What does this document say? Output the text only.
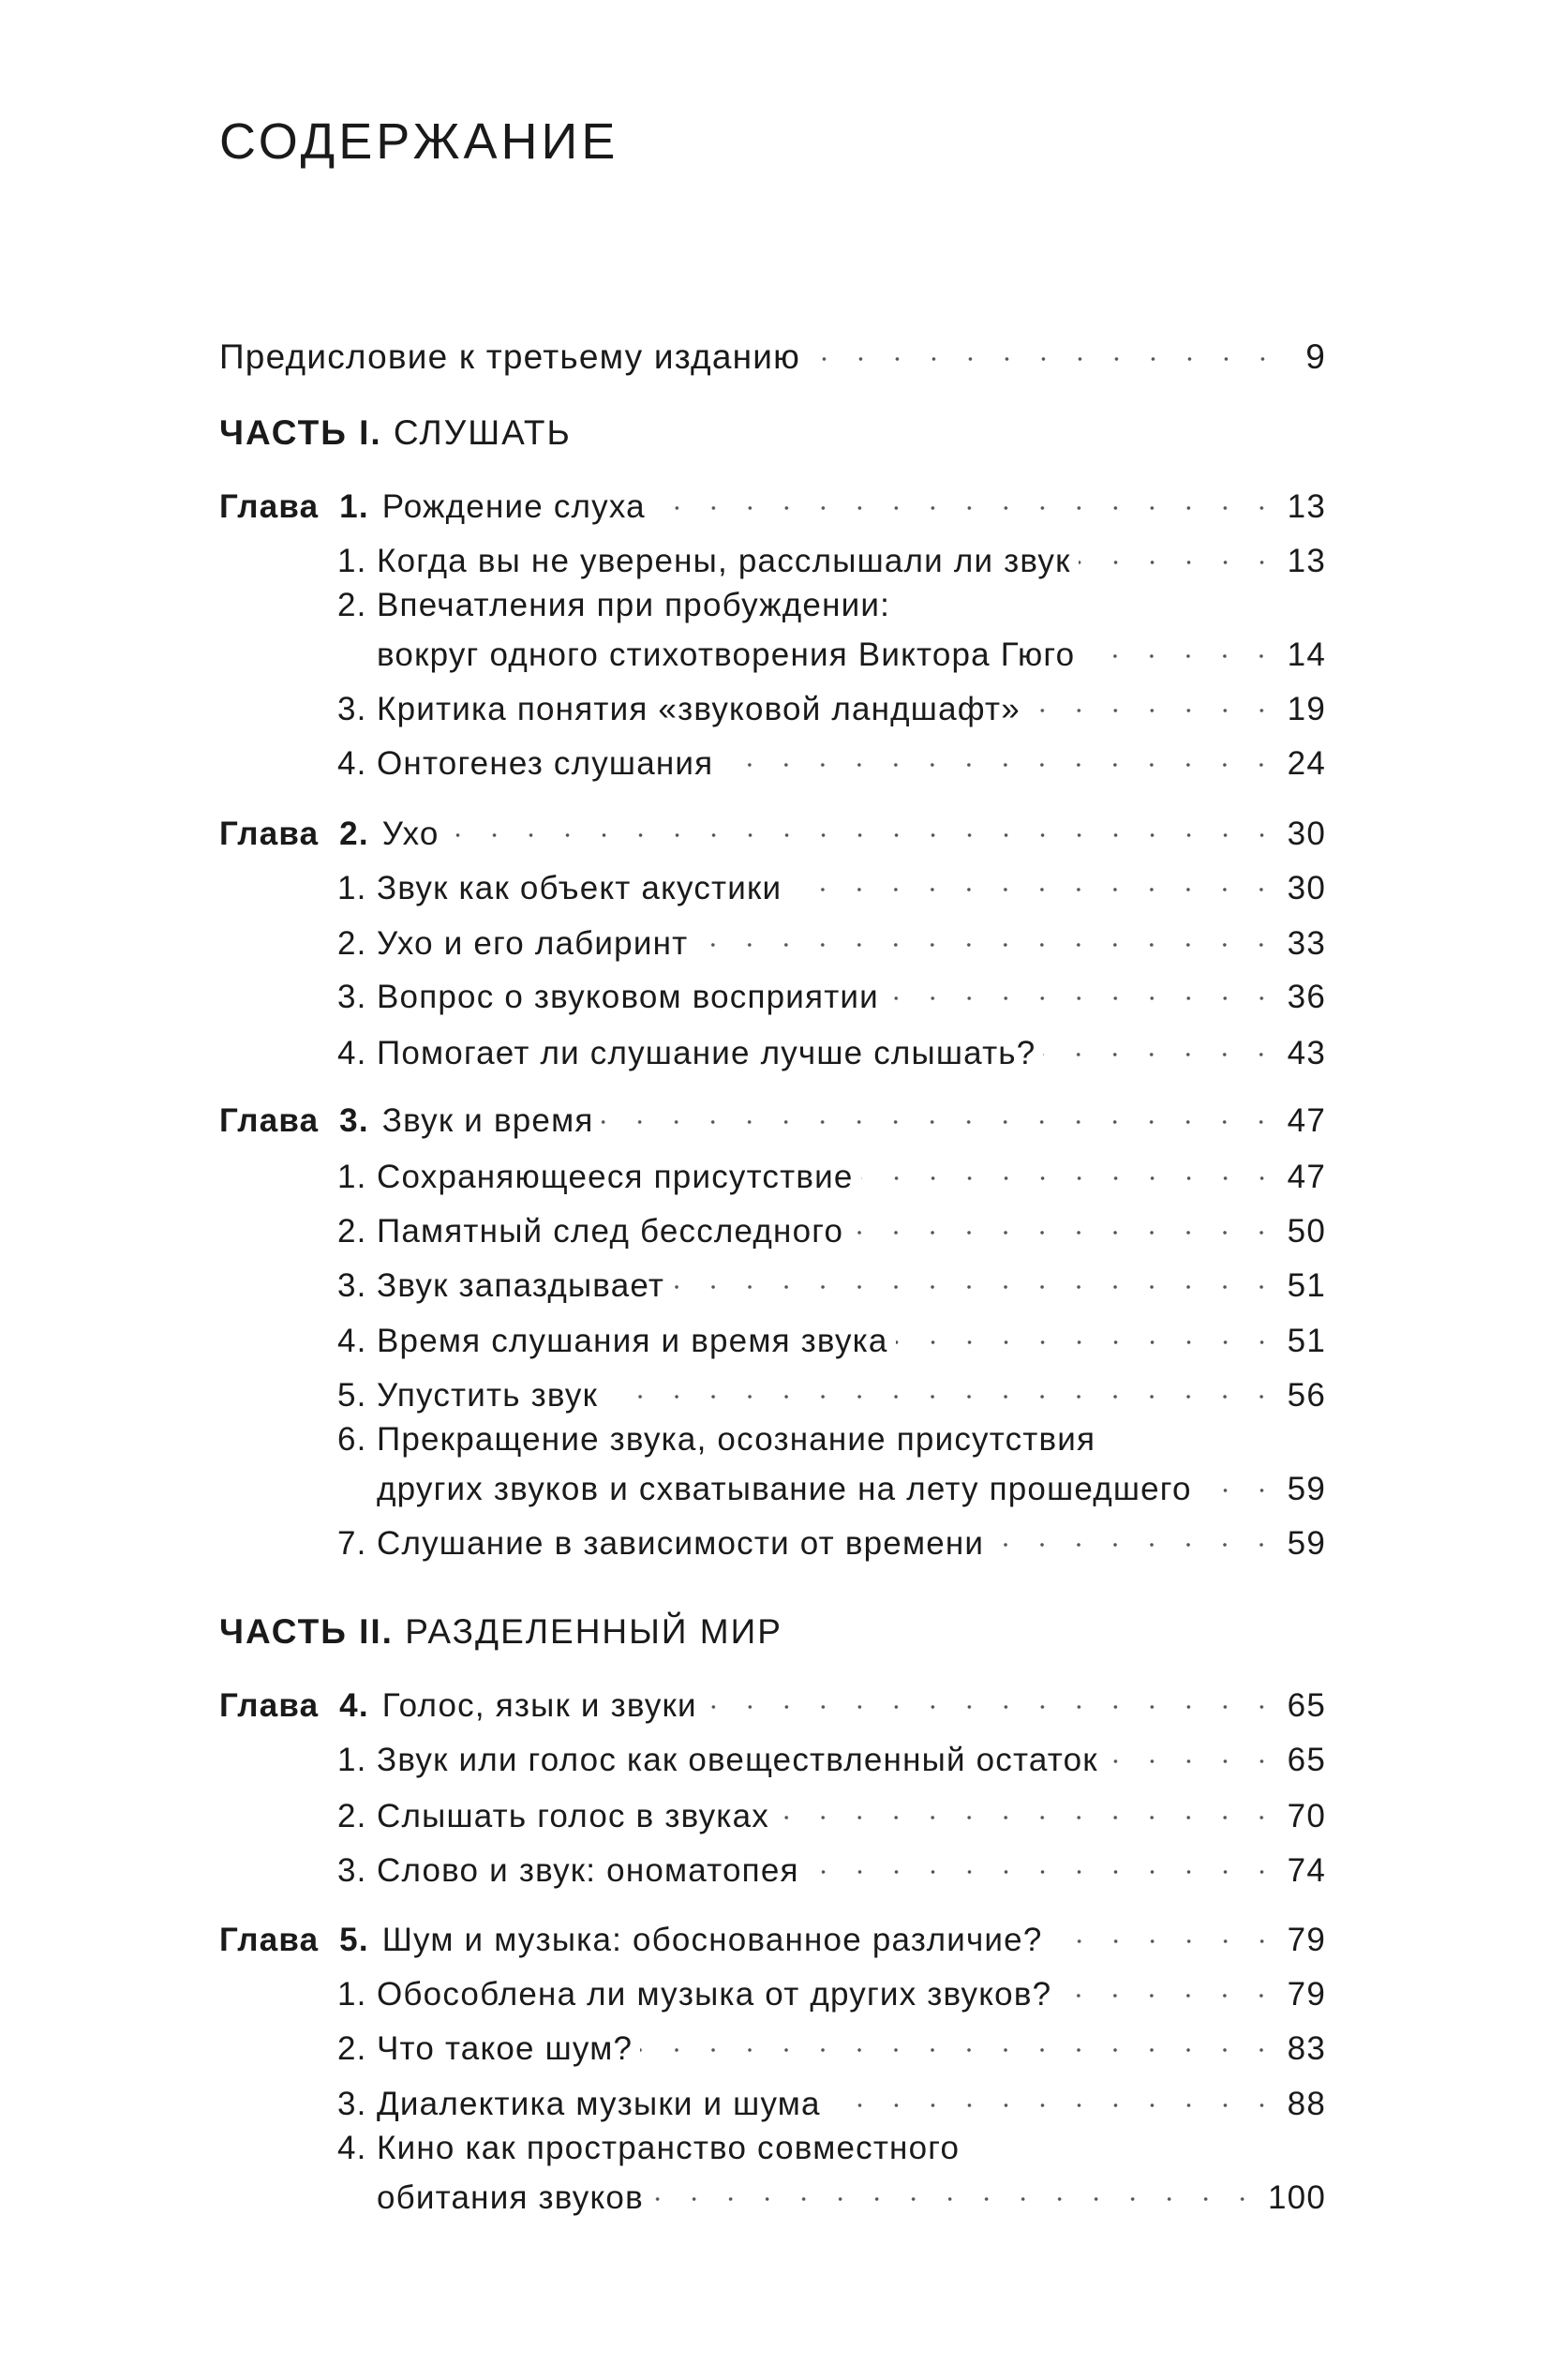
СОДЕРЖАНИЕ
Предисловие к третьему изданию	9
ЧАСТЬ I. СЛУШАТЬ
Глава  1. Рождение слуха	13
1. Когда вы не уверены, расслышали ли звук	13
2. Впечатления при пробуждении:
вокруг одного стихотворения Виктора Гюго	14
3. Критика понятия «звуковой ландшафт»	19
4. Онтогенез слушания	24
Глава  2. Ухо	30
1. Звук как объект акустики	30
2. Ухо и его лабиринт	33
3. Вопрос о звуковом восприятии	36
4. Помогает ли слушание лучше слышать?	43
Глава  3. Звук и время	47
1. Сохраняющееся присутствие	47
2. Памятный след бесследного	50
3. Звук запаздывает	51
4. Время слушания и время звука	51
5. Упустить звук	56
6. Прекращение звука, осознание присутствия
других звуков и схватывание на лету прошедшего	59
7. Слушание в зависимости от времени	59
ЧАСТЬ II. РАЗДЕЛЕННЫЙ МИР
Глава  4. Голос, язык и звуки	65
1. Звук или голос как овеществленный остаток	65
2. Слышать голос в звуках	70
3. Слово и звук: ономатопея	74
Глава  5. Шум и музыка: обоснованное различие?	79
1. Обособлена ли музыка от других звуков?	79
2. Что такое шум?	83
3. Диалектика музыки и шума	88
4. Кино как пространство совместного
обитания звуков	100
